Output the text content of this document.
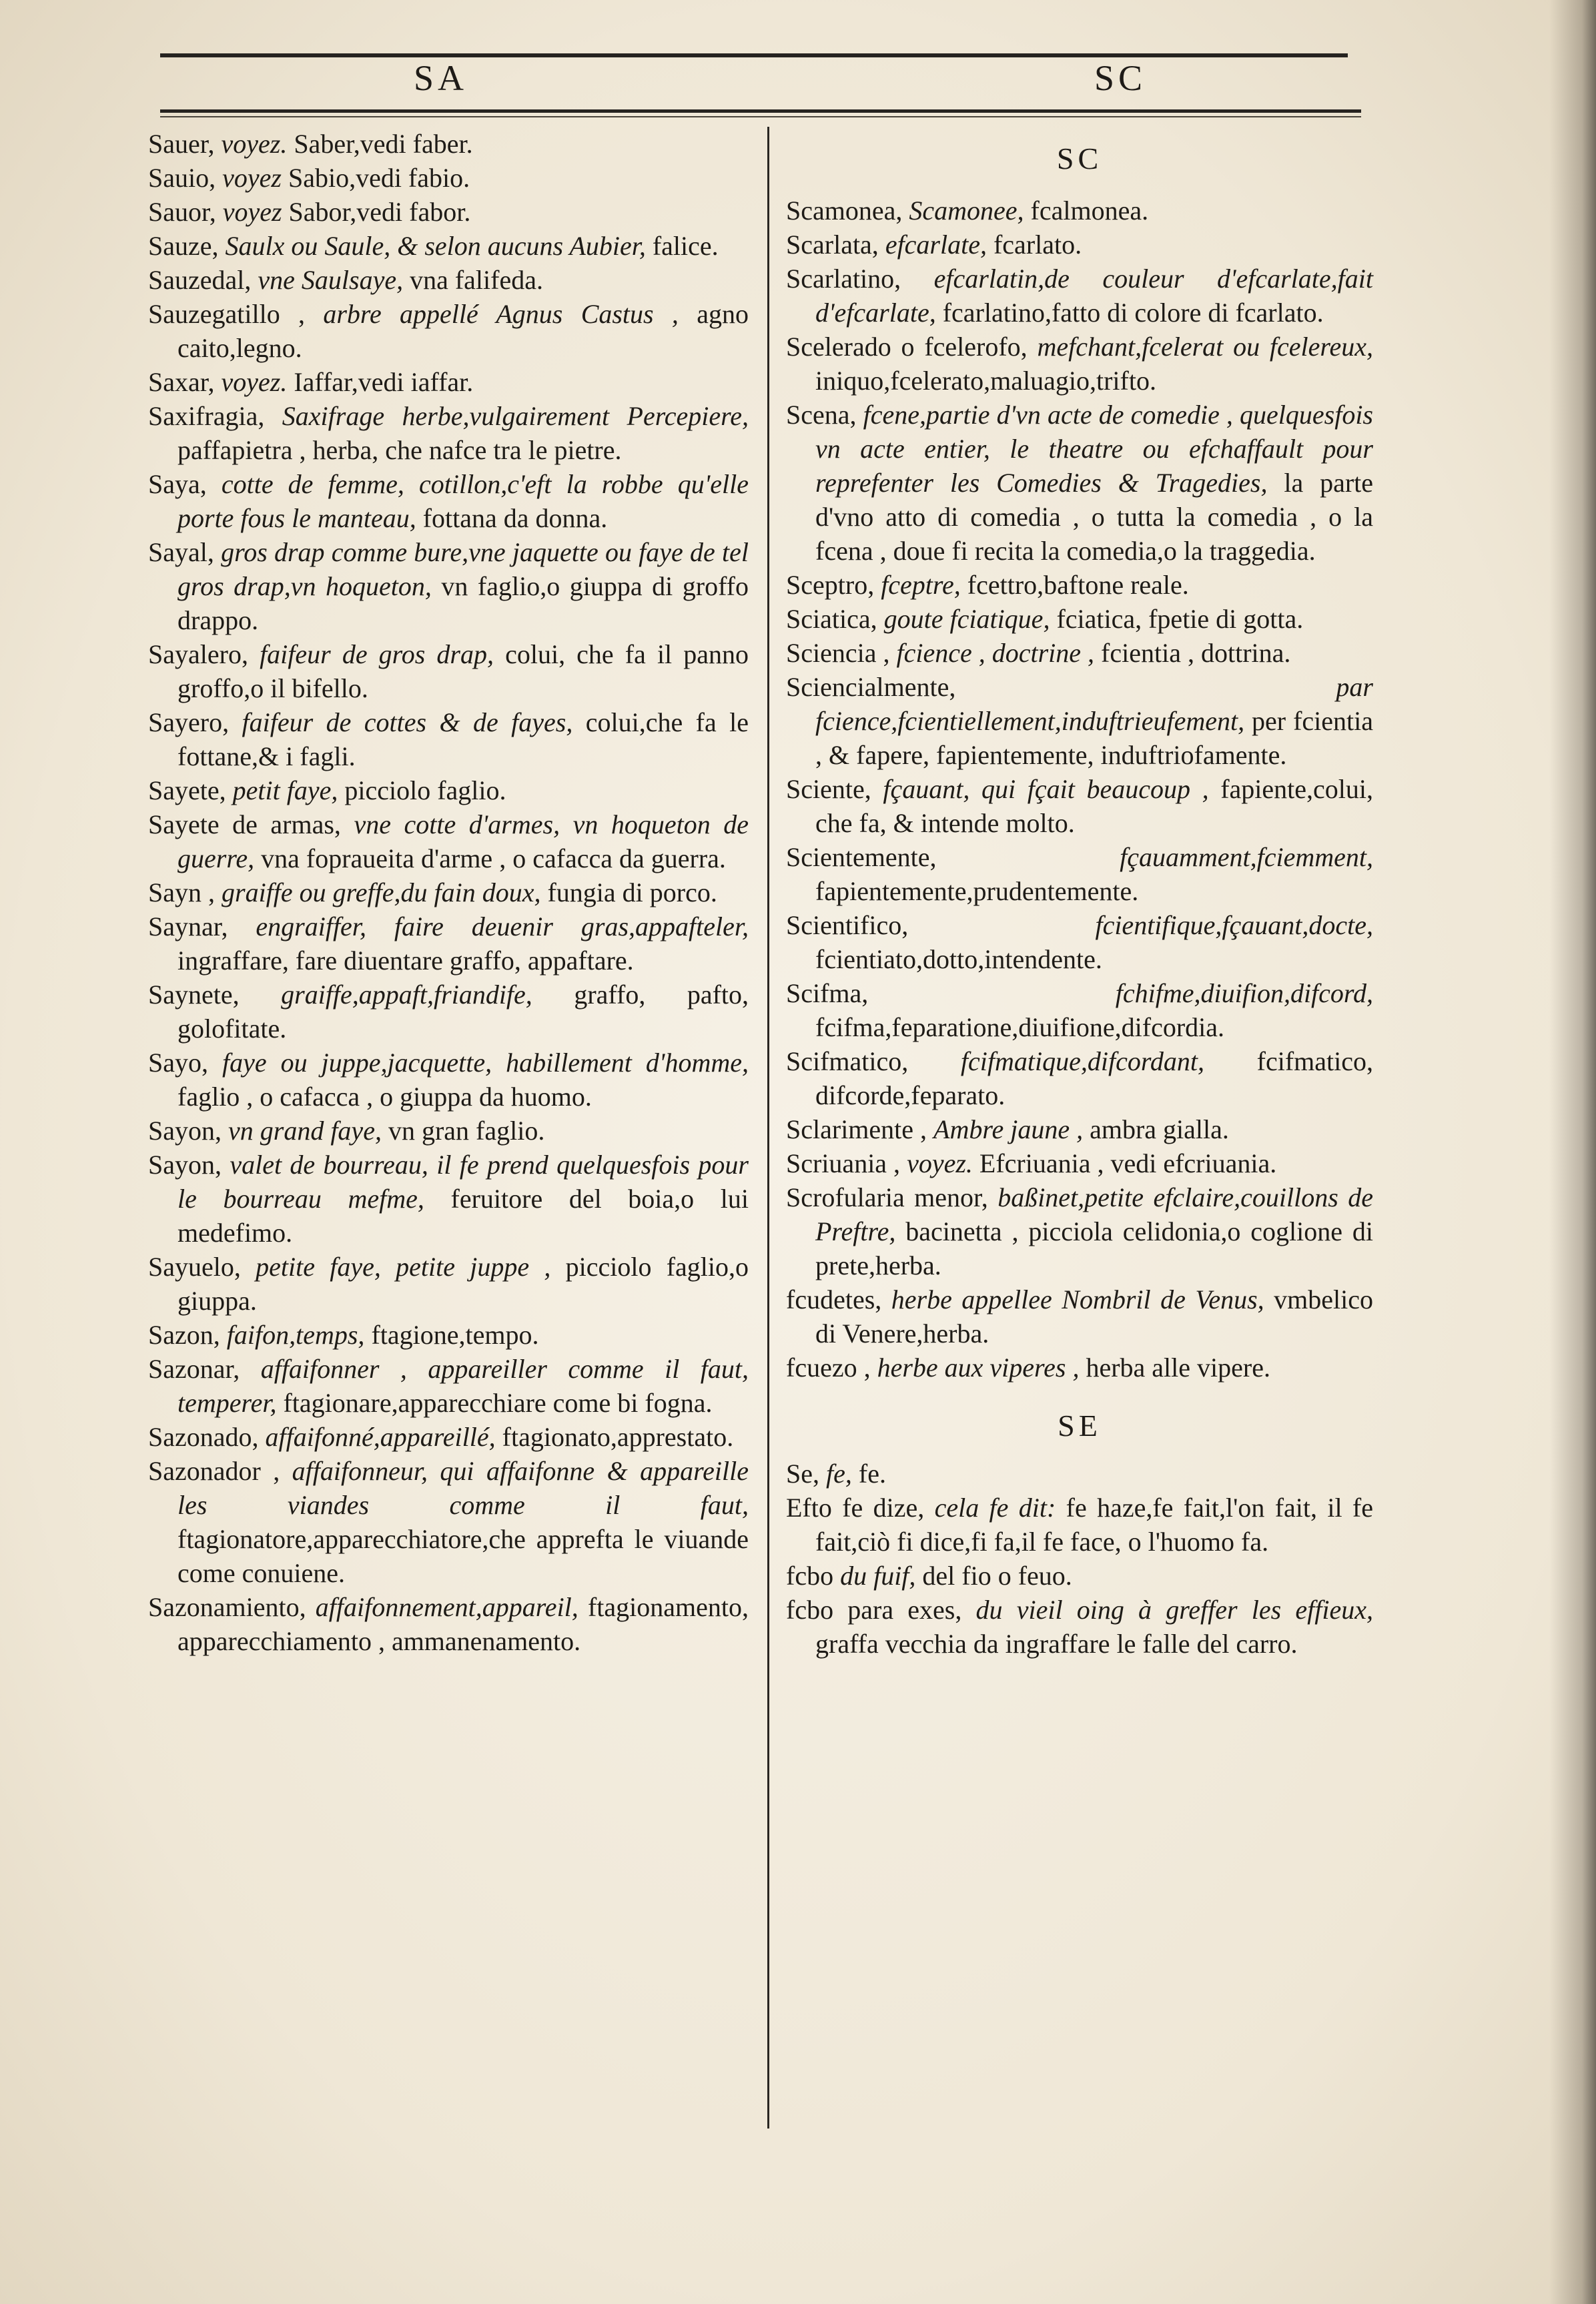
SA	SC

Sauer, voyez. Saber,vedi faber.

Sauio, voyez Sabio,vedi fabio.

Sauor, voyez Sabor,vedi fabor.

Sauze, Saulx ou Saule, & selon aucuns Aubier, falice.

Sauzedal, vne Saulsaye, vna falifeda.

Sauzegatillo , arbre appellé Agnus Castus , agno caito,legno.

Saxar, voyez. Iaffar,vedi iaffar.

Saxifragia, Saxifrage herbe,vulgairement Percepiere, paffapietra , herba, che nafce tra le pietre.

Saya, cotte de femme, cotillon,c'eft la robbe qu'elle porte fous le manteau, fottana da donna.

Sayal, gros drap comme bure,vne jaquette ou faye de tel gros drap,vn hoqueton, vn faglio,o giuppa di groffo drappo.

Sayalero, faifeur de gros drap, colui, che fa il panno groffo,o il bifello.

Sayero, faifeur de cottes & de fayes, colui,che fa le fottane,& i fagli.

Sayete, petit faye, picciolo faglio.

Sayete de armas, vne cotte d'armes, vn hoqueton de guerre, vna fopraueita d'arme , o cafacca da guerra.

Sayn , graiffe ou greffe,du fain doux, fungia di porco.

Saynar, engraiffer, faire deuenir gras,appafteler, ingraffare, fare diuentare graffo, appaftare.

Saynete, graiffe,appaft,friandife, graffo, pafto, golofitate.

Sayo, faye ou juppe,jacquette, habillement d'homme, faglio , o cafacca , o giuppa da huomo.

Sayon, vn grand faye, vn gran faglio.

Sayon, valet de bourreau, il fe prend quelquesfois pour le bourreau mefme, feruitore del boia,o lui medefimo.

Sayuelo, petite faye, petite juppe , picciolo faglio,o giuppa.

Sazon, faifon,temps, ftagione,tempo.

Sazonar, affaifonner , appareiller comme il faut, temperer, ftagionare,apparecchiare come bi fogna.

Sazonado, affaifonné,appareillé, ftagionato,apprestato.

Sazonador , affaifonneur, qui affaifonne & appareille les viandes comme il faut, ftagionatore,apparecchiatore,che apprefta le viuande come conuiene.

Sazonamiento, affaifonnement,appareil, ftagionamento, apparecchiamento , ammanenamento.

SC

Scamonea, Scamonee, fcalmonea.

Scarlata, efcarlate, fcarlato.

Scarlatino, efcarlatin,de couleur d'efcarlate,fait d'efcarlate, fcarlatino,fatto di colore di fcarlato.

Scelerado o fcelerofo, mefchant,fcelerat ou fcelereux, iniquo,fcelerato,maluagio,trifto.

Scena, fcene,partie d'vn acte de comedie , quelquesfois vn acte entier, le theatre ou efchaffault pour reprefenter les Comedies & Tragedies, la parte d'vno atto di comedia , o tutta la comedia , o la fcena , doue fi recita la comedia,o la traggedia.

Sceptro, fceptre, fcettro,baftone reale.

Sciatica, goute fciatique, fciatica, fpetie di gotta.

Sciencia , fcience , doctrine , fcientia , dottrina.

Sciencialmente,	par fcience,fcientiellement,induftrieufement, per fcientia , & fapere, fapientemente, induftriofamente.

Sciente, fçauant, qui fçait beaucoup , fapiente,colui, che fa, & intende molto.

Scientemente,	fçauamment,fciemment, fapientemente,prudentemente.

Scientifico,	fcientifique,fçauant,docte, fcientiato,dotto,intendente.

Scifma,	fchifme,diuifion,difcord, fcifma,feparatione,diuifione,difcordia.

Scifmatico, fcifmatique,difcordant, fcifmatico, difcorde,feparato.

Sclarimente , Ambre jaune , ambra gialla.

Scriuania , voyez. Efcriuania , vedi efcriuania.

Scrofularia menor, baßinet,petite efclaire,couillons de Preftre, bacinetta , picciola celidonia,o coglione di prete,herba.

fcudetes, herbe appellee Nombril de Venus, vmbelico di Venere,herba.

fcuezo , herbe aux viperes , herba alle vipere.

SE

Se, fe, fe.

Efto fe dize, cela fe dit: fe haze,fe fait,l'on fait, il fe fait,ciò fi dice,fi fa,il fe face, o l'huomo fa.

fcbo du fuif, del fio o feuo.

fcbo para exes, du vieil oing à greffer les effieux, graffa vecchia da ingraffare le falle del carro.
